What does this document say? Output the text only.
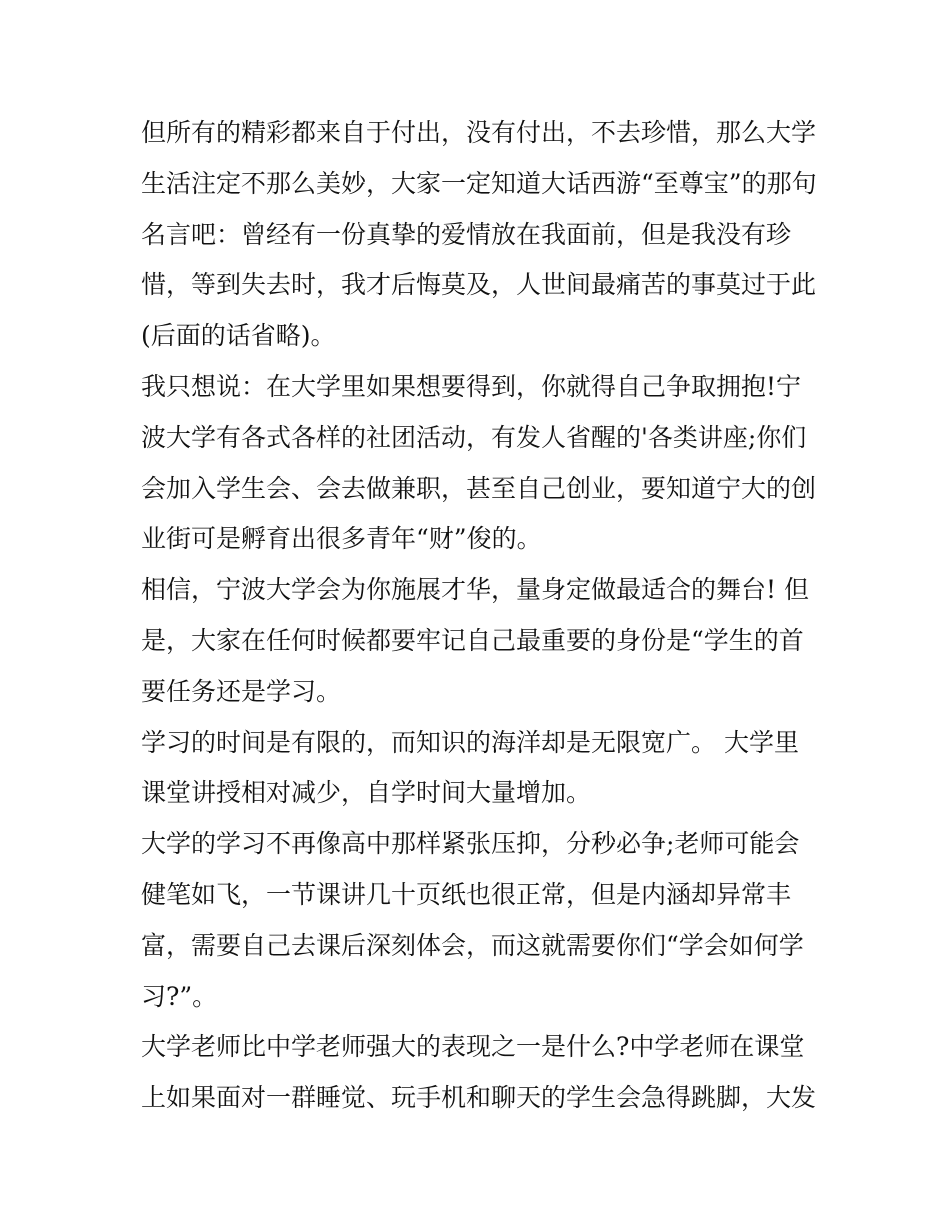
但所有的精彩都来自于付出，没有付出，不去珍惜，那么大学
生活注定不那么美妙，大家一定知道大话西游“至尊宝”的那句
名言吧：曾经有一份真挚的爱情放在我面前，但是我没有珍
惜，等到失去时，我才后悔莫及，人世间最痛苦的事莫过于此
(后面的话省略)。
我只想说：在大学里如果想要得到，你就得自己争取拥抱!宁
波大学有各式各样的社团活动，有发人省醒的'各类讲座;你们
会加入学生会、会去做兼职，甚至自己创业，要知道宁大的创
业街可是孵育出很多青年“财”俊的。
相信，宁波大学会为你施展才华，量身定做最适合的舞台! 但
是，大家在任何时候都要牢记自己最重要的身份是“学生的首
要任务还是学习。
学习的时间是有限的，而知识的海洋却是无限宽广。 大学里
课堂讲授相对减少，自学时间大量增加。
大学的学习不再像高中那样紧张压抑，分秒必争;老师可能会
健笔如飞，一节课讲几十页纸也很正常，但是内涵却异常丰
富，需要自己去课后深刻体会，而这就需要你们“学会如何学
习?”。
大学老师比中学老师强大的表现之一是什么?中学老师在课堂
上如果面对一群睡觉、玩手机和聊天的学生会急得跳脚，大发
